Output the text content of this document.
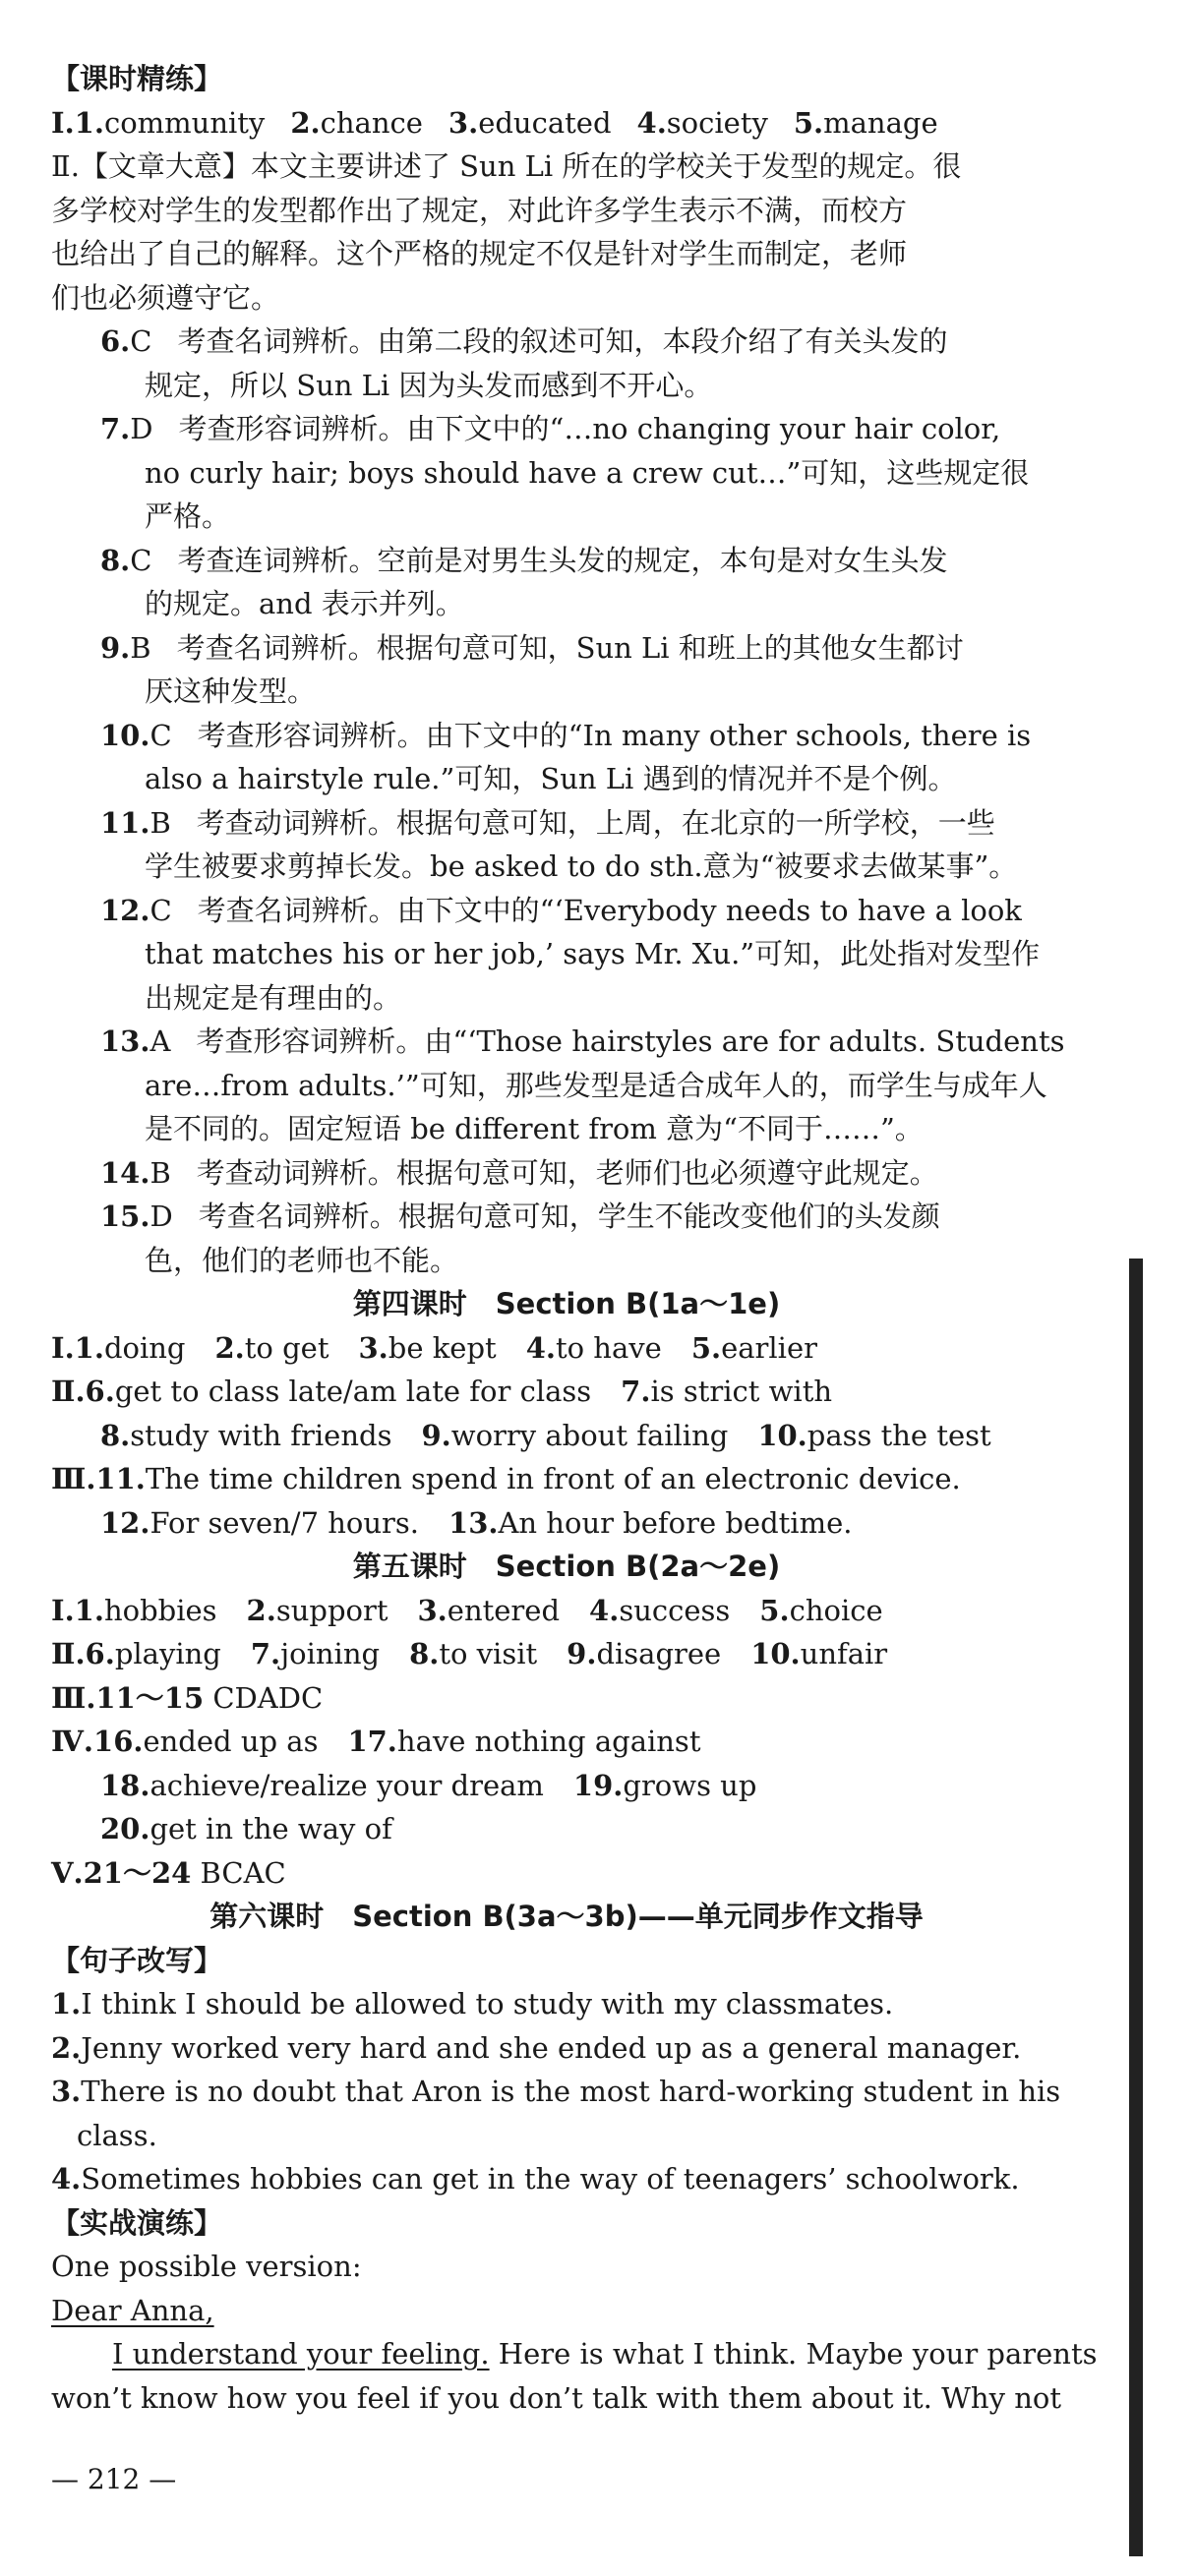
【课时精练】
Ⅰ.1.community 2.chance 3.educated 4.society 5.manage
Ⅱ.【文章大意】本文主要讲述了 Sun Li 所在的学校关于发型的规定。很
多学校对学生的发型都作出了规定，对此许多学生表示不满，而校方
也给出了自己的解释。这个严格的规定不仅是针对学生而制定，老师
们也必须遵守它。
6.C 考查名词辨析。由第二段的叙述可知，本段介绍了有关头发的
规定，所以 Sun Li 因为头发而感到不开心。
7.D 考查形容词辨析。由下文中的“…no changing your hair color,
no curly hair; boys should have a crew cut…”可知，这些规定很
严格。
8.C 考查连词辨析。空前是对男生头发的规定，本句是对女生头发
的规定。and 表示并列。
9.B 考查名词辨析。根据句意可知，Sun Li 和班上的其他女生都讨
厌这种发型。
10.C 考查形容词辨析。由下文中的“In many other schools, there is
also a hairstyle rule.”可知，Sun Li 遇到的情况并不是个例。
11.B 考查动词辨析。根据句意可知，上周，在北京的一所学校，一些
学生被要求剪掉长发。be asked to do sth.意为“被要求去做某事”。
12.C 考查名词辨析。由下文中的“‘Everybody needs to have a look
that matches his or her job,’ says Mr. Xu.”可知，此处指对发型作
出规定是有理由的。
13.A 考查形容词辨析。由“‘Those hairstyles are for adults. Students
are…from adults.’”可知，那些发型是适合成年人的，而学生与成年人
是不同的。固定短语 be different from 意为“不同于……”。
14.B 考查动词辨析。根据句意可知，老师们也必须遵守此规定。
15.D 考查名词辨析。根据句意可知，学生不能改变他们的头发颜
色，他们的老师也不能。
第四课时　Section B(1a～1e)
Ⅰ.1.doing 2.to get 3.be kept 4.to have 5.earlier
Ⅱ.6.get to class late/am late for class 7.is strict with
8.study with friends 9.worry about failing 10.pass the test
Ⅲ.11.The time children spend in front of an electronic device.
12.For seven/7 hours. 13.An hour before bedtime.
第五课时　Section B(2a～2e)
Ⅰ.1.hobbies 2.support 3.entered 4.success 5.choice
Ⅱ.6.playing 7.joining 8.to visit 9.disagree 10.unfair
Ⅲ.11～15 CDADC
Ⅳ.16.ended up as 17.have nothing against
18.achieve/realize your dream 19.grows up
20.get in the way of
Ⅴ.21～24 BCAC
第六课时　Section B(3a～3b)——单元同步作文指导
【句子改写】
1.I think I should be allowed to study with my classmates.
2.Jenny worked very hard and she ended up as a general manager.
3.There is no doubt that Aron is the most hard-working student in his
class.
4.Sometimes hobbies can get in the way of teenagers’ schoolwork.
【实战演练】
One possible version:
Dear Anna,
I understand your feeling. Here is what I think. Maybe your parents
won’t know how you feel if you don’t talk with them about it. Why not
— 212 —
